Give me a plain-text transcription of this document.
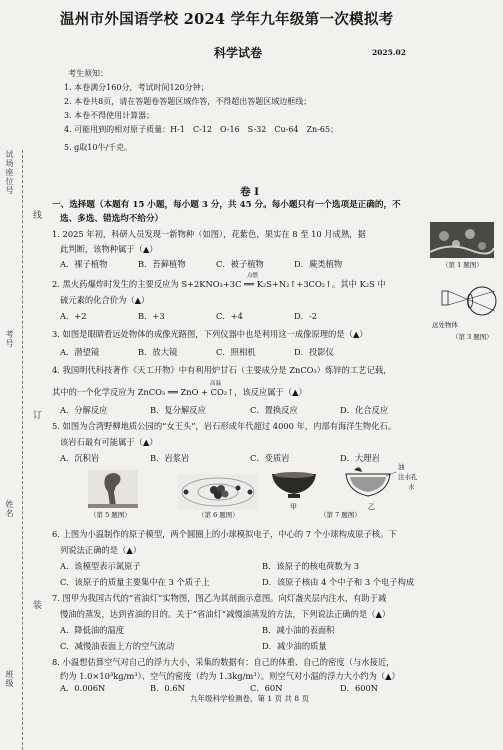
试场座位号
考号
姓名
班级
线
订
装
温州市外国语学校 2024 学年九年级第一次模拟考
科学试卷	2025.02
考生须知：
1. 本卷满分160分，考试时间120分钟；
2. 本卷共8页，请在答题卷答题区域作答，不得超出答题区域边框线；
3. 本卷不得使用计算器；
4. 可能用到的相对原子质量：H-1　C-12　O-16　S-32　Cu-64　Zn-65；
5. g取10牛/千克。
卷 I
一、选择题（本题有 15 小题，每小题 3 分，共 45 分。每小题只有一个选项是正确的，不
选、多选、错选均不给分）
1. 2025 年初，科研人员发现一新物种（如图），花紫色，果实在 8 至 10 月成熟，据
此判断，该物种属于（▲）
A．裸子植物	B．苔藓植物	C．被子植物	D．蕨类植物	（第 1 题图）
点燃
2. 黑火药爆炸时发生的主要反应为 S+2KNO₃+3C ══ K₂S+N₂↑+3CO₂↑。其中 K₂S 中
硫元素的化合价为（▲）
A．+2	B．+3	C．+4	D．-2
3. 如图是眼睛看远处物体的成像光路图，下列仪器中也是利用这一成像原理的是（▲）
A．潜望镜	B．放大镜	C．照相机	D．投影仪
远处物体
（第 3 题图）
4. 我国明代科技著作《天工开物》中有利用炉甘石（主要成分是 ZnCO₃）炼锌的工艺记载，
高温
其中的一个化学反应为 ZnCO₃ ══ ZnO + CO₂↑，该反应属于（▲）
A．分解反应	B．复分解反应	C．置换反应	D．化合反应
5. 如图为合湾野柳地质公园的“女王头”，岩石形成年代超过 4000 年，内部有海洋生物化石。
该岩石最有可能属于（▲）
A．沉积岩	B．岩浆岩	C．变质岩	D．大理岩
（第 5 题图）	（第 6 题图）
甲
油
注水孔
水
乙
（第 7 题图）
6. 上图为小温制作的原子模型，两个圆圈上的小球模拟电子，中心的 7 个小球构成原子核。下
列说法正确的是（▲）
A．该模型表示氮原子	B．该原子的核电荷数为 3
C．该原子的质量主要集中在 3 个质子上	D．该原子核由 4 个中子和 3 个电子构成
7. 图甲为我国古代的“省油灯”实物图，图乙为其剖面示意图。向灯盏夹层内注水，有助于减
慢油的蒸发，达到省油的目的。关于“省油灯”减慢油蒸发的方法，下列说法正确的是（▲）
A．降低油的温度	B．减小油的表面积
C．减慢油表面上方的空气流动	D．减少油的质量
8. 小温想估算空气对自己的浮力大小，采集的数据有：自己的体重、自己的密度（与水接近，
约为 1.0×10³kg/m³）、空气的密度（约为 1.3kg/m³）。则空气对小温的浮力大小约为（▲）
A．0.006N	B．0.6N	C．60N	D．600N
九年级科学检测卷，第 1 页 共 8 页
